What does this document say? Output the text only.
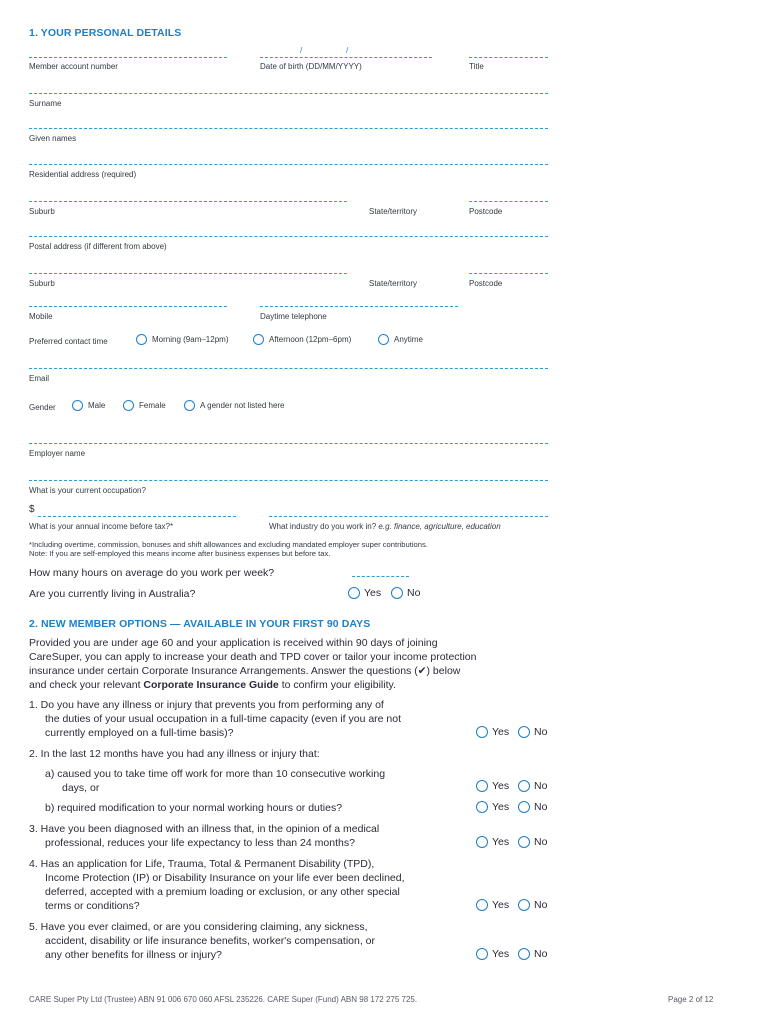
1. YOUR PERSONAL DETAILS
/	/
Member account number	Date of birth (DD/MM/YYYY)	Title
Surname
Given names
Residential address (required)
Suburb	State/territory	Postcode
Postal address (if different from above)
Suburb	State/territory	Postcode
Mobile	Daytime telephone
Preferred contact time	Morning (9am–12pm)	Afternoon (12pm–6pm)	Anytime
Email
Gender	Male	Female	A gender not listed here
Employer name
What is your current occupation?
$
What is your annual income before tax?*	What industry do you work in? e.g. finance, agriculture, education
*Including overtime, commission, bonuses and shift allowances and excluding mandated employer super contributions.
Note: If you are self-employed this means income after business expenses but before tax.
How many hours on average do you work per week?
Are you currently living in Australia?	Yes No
2. NEW MEMBER OPTIONS — AVAILABLE IN YOUR FIRST 90 DAYS
Provided you are under age 60 and your application is received within 90 days of joining
CareSuper, you can apply to increase your death and TPD cover or tailor your income protection
insurance under certain Corporate Insurance Arrangements. Answer the questions (✔) below
and check your relevant Corporate Insurance Guide to confirm your eligibility.
1. Do you have any illness or injury that prevents you from performing any of
the duties of your usual occupation in a full-time capacity (even if you are not
currently employed on a full-time basis)?	Yes No
2. In the last 12 months have you had any illness or injury that:
a) caused you to take time off work for more than 10 consecutive working
days, or	Yes No
b) required modification to your normal working hours or duties?	Yes No
3. Have you been diagnosed with an illness that, in the opinion of a medical
professional, reduces your life expectancy to less than 24 months?	Yes No
4. Has an application for Life, Trauma, Total & Permanent Disability (TPD),
Income Protection (IP) or Disability Insurance on your life ever been declined,
deferred, accepted with a premium loading or exclusion, or any other special
terms or conditions?	Yes No
5. Have you ever claimed, or are you considering claiming, any sickness,
accident, disability or life insurance benefits, worker's compensation, or
any other benefits for illness or injury?	Yes No
CARE Super Pty Ltd (Trustee) ABN 91 006 670 060 AFSL 235226. CARE Super (Fund) ABN 98 172 275 725.	Page 2 of 12
